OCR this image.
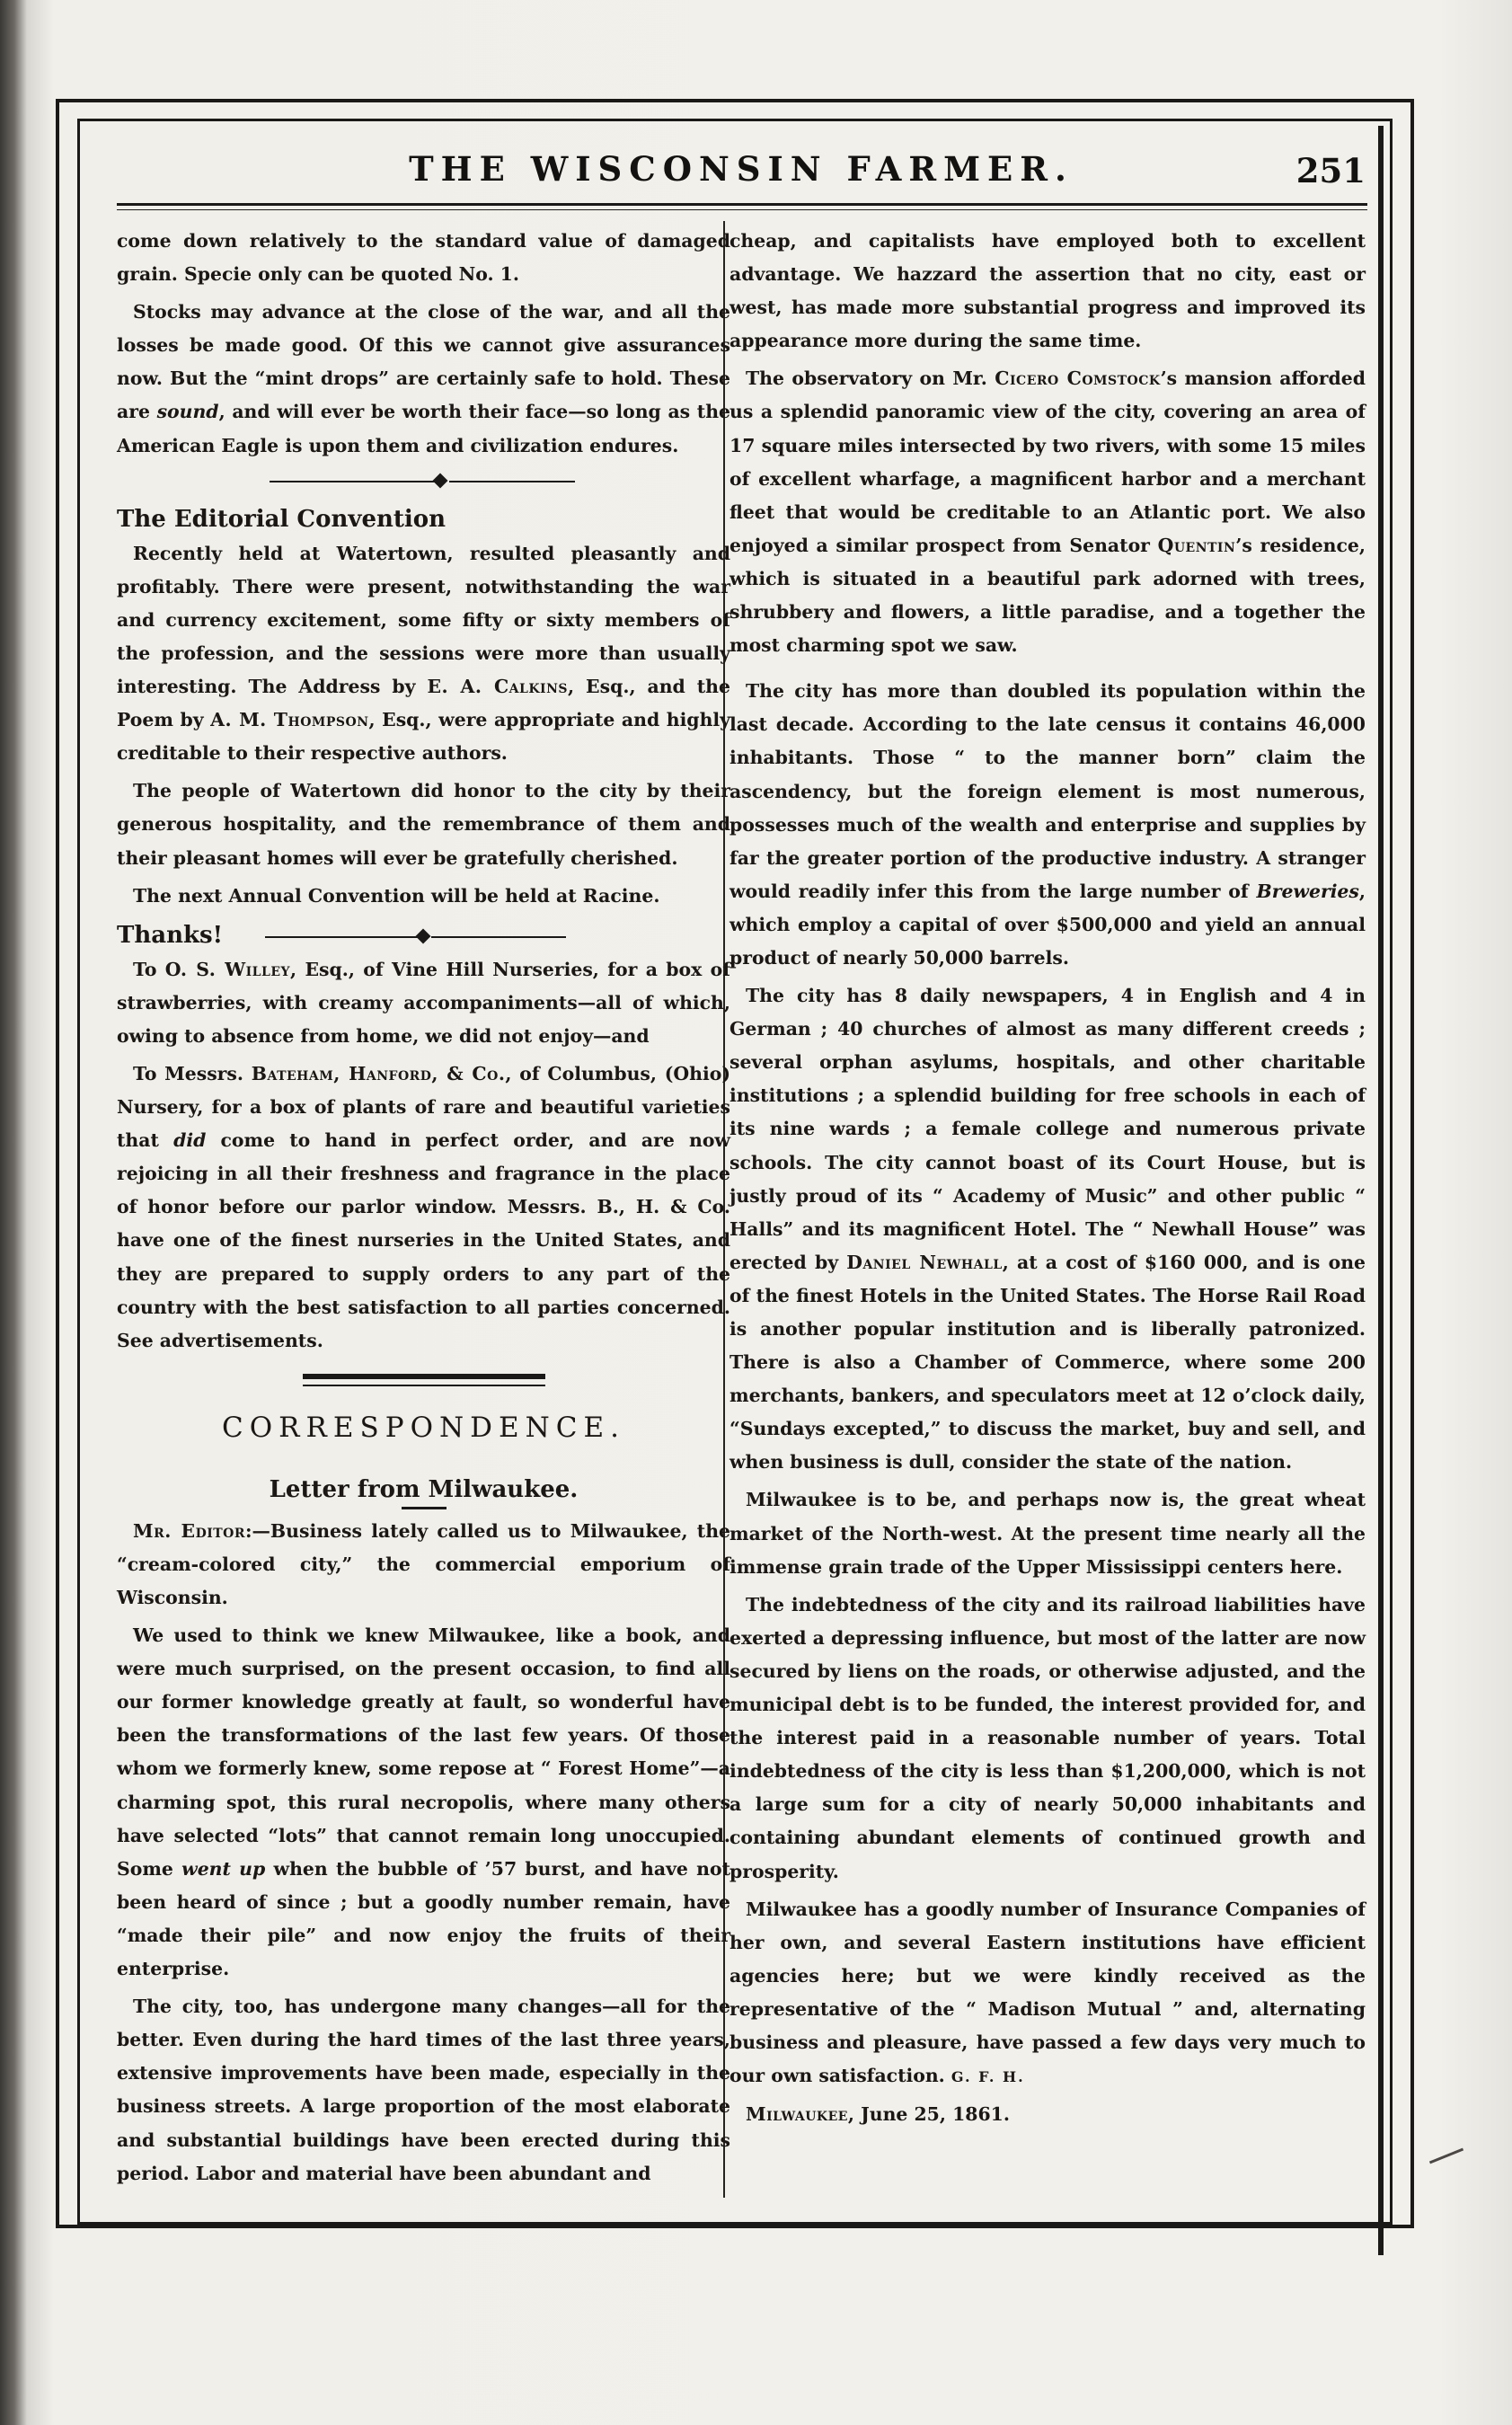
THE WISCONSIN FARMER.	251

come down relatively to the standard value of damaged grain. Specie only can be quoted No. 1.

Stocks may advance at the close of the war, and all the losses be made good. Of this we cannot give assurances now. But the “mint drops” are certainly safe to hold. These are sound, and will ever be worth their face—so long as the American Eagle is upon them and civilization endures.

The Editorial Convention

Recently held at Watertown, resulted pleasantly and profitably. There were present, notwithstanding the war and currency excitement, some fifty or sixty members of the profession, and the sessions were more than usually interesting. The Address by E. A. Calkins, Esq., and the Poem by A. M. Thompson, Esq., were appropriate and highly creditable to their respective authors.

The people of Watertown did honor to the city by their generous hospitality, and the remembrance of them and their pleasant homes will ever be gratefully cherished.

The next Annual Convention will be held at Racine.

Thanks!

To O. S. Willey, Esq., of Vine Hill Nurseries, for a box of strawberries, with creamy accompaniments—all of which, owing to absence from home, we did not enjoy—and

To Messrs. Bateham, Hanford, & Co., of Columbus, (Ohio) Nursery, for a box of plants of rare and beautiful varieties that did come to hand in perfect order, and are now rejoicing in all their freshness and fragrance in the place of honor before our parlor window. Messrs. B., H. & Co. have one of the finest nurseries in the United States, and they are prepared to supply orders to any part of the country with the best satisfaction to all parties concerned. See advertisements.

CORRESPONDENCE.
Letter from Milwaukee.

Mr. Editor:—Business lately called us to Milwaukee, the “cream-colored city,” the commercial emporium of Wisconsin.

We used to think we knew Milwaukee, like a book, and were much surprised, on the present occasion, to find all our former knowledge greatly at fault, so wonderful have been the transformations of the last few years. Of those whom we formerly knew, some repose at “ Forest Home”—a charming spot, this rural necropolis, where many others have selected “lots” that cannot remain long unoccupied. Some went up when the bubble of ’57 burst, and have not been heard of since ; but a goodly number remain, have “made their pile” and now enjoy the fruits of their enterprise.

The city, too, has undergone many changes—all for the better. Even during the hard times of the last three years, extensive improvements have been made, especially in the business streets. A large proportion of the most elaborate and substantial buildings have been erected during this period. Labor and material have been abundant and

cheap, and capitalists have employed both to excellent advantage. We hazzard the assertion that no city, east or west, has made more substantial progress and improved its appearance more during the same time.

The observatory on Mr. Cicero Comstock’s mansion afforded us a splendid panoramic view of the city, covering an area of 17 square miles intersected by two rivers, with some 15 miles of excellent wharfage, a magnificent harbor and a merchant fleet that would be creditable to an Atlantic port. We also enjoyed a similar prospect from Senator Quentin’s residence, which is situated in a beautiful park adorned with trees, shrubbery and flowers, a little paradise, and a together the most charming spot we saw.

The city has more than doubled its population within the last decade. According to the late census it contains 46,000 inhabitants. Those “ to the manner born” claim the ascendency, but the foreign element is most numerous, possesses much of the wealth and enterprise and supplies by far the greater portion of the productive industry. A stranger would readily infer this from the large number of Breweries, which employ a capital of over $500,000 and yield an annual product of nearly 50,000 barrels.

The city has 8 daily newspapers, 4 in English and 4 in German ; 40 churches of almost as many different creeds ; several orphan asylums, hospitals, and other charitable institutions ; a splendid building for free schools in each of its nine wards ; a female college and numerous private schools. The city cannot boast of its Court House, but is justly proud of its “ Academy of Music” and other public “ Halls” and its magnificent Hotel. The “ Newhall House” was erected by Daniel Newhall, at a cost of $160 000, and is one of the finest Hotels in the United States. The Horse Rail Road is another popular institution and is liberally patronized. There is also a Chamber of Commerce, where some 200 merchants, bankers, and speculators meet at 12 o’clock daily, “Sundays excepted,” to discuss the market, buy and sell, and when business is dull, consider the state of the nation.

Milwaukee is to be, and perhaps now is, the great wheat market of the North-west. At the present time nearly all the immense grain trade of the Upper Mississippi centers here.

The indebtedness of the city and its railroad liabilities have exerted a depressing influence, but most of the latter are now secured by liens on the roads, or otherwise adjusted, and the municipal debt is to be funded, the interest provided for, and the interest paid in a reasonable number of years. Total indebtedness of the city is less than $1,200,000, which is not a large sum for a city of nearly 50,000 inhabitants and containing abundant elements of continued growth and prosperity.

Milwaukee has a goodly number of Insurance Companies of her own, and several Eastern institutions have efficient agencies here; but we were kindly received as the representative of the “ Madison Mutual ” and, alternating business and pleasure, have passed a few days very much to our own satisfaction. G. F. H.

Milwaukee, June 25, 1861.
